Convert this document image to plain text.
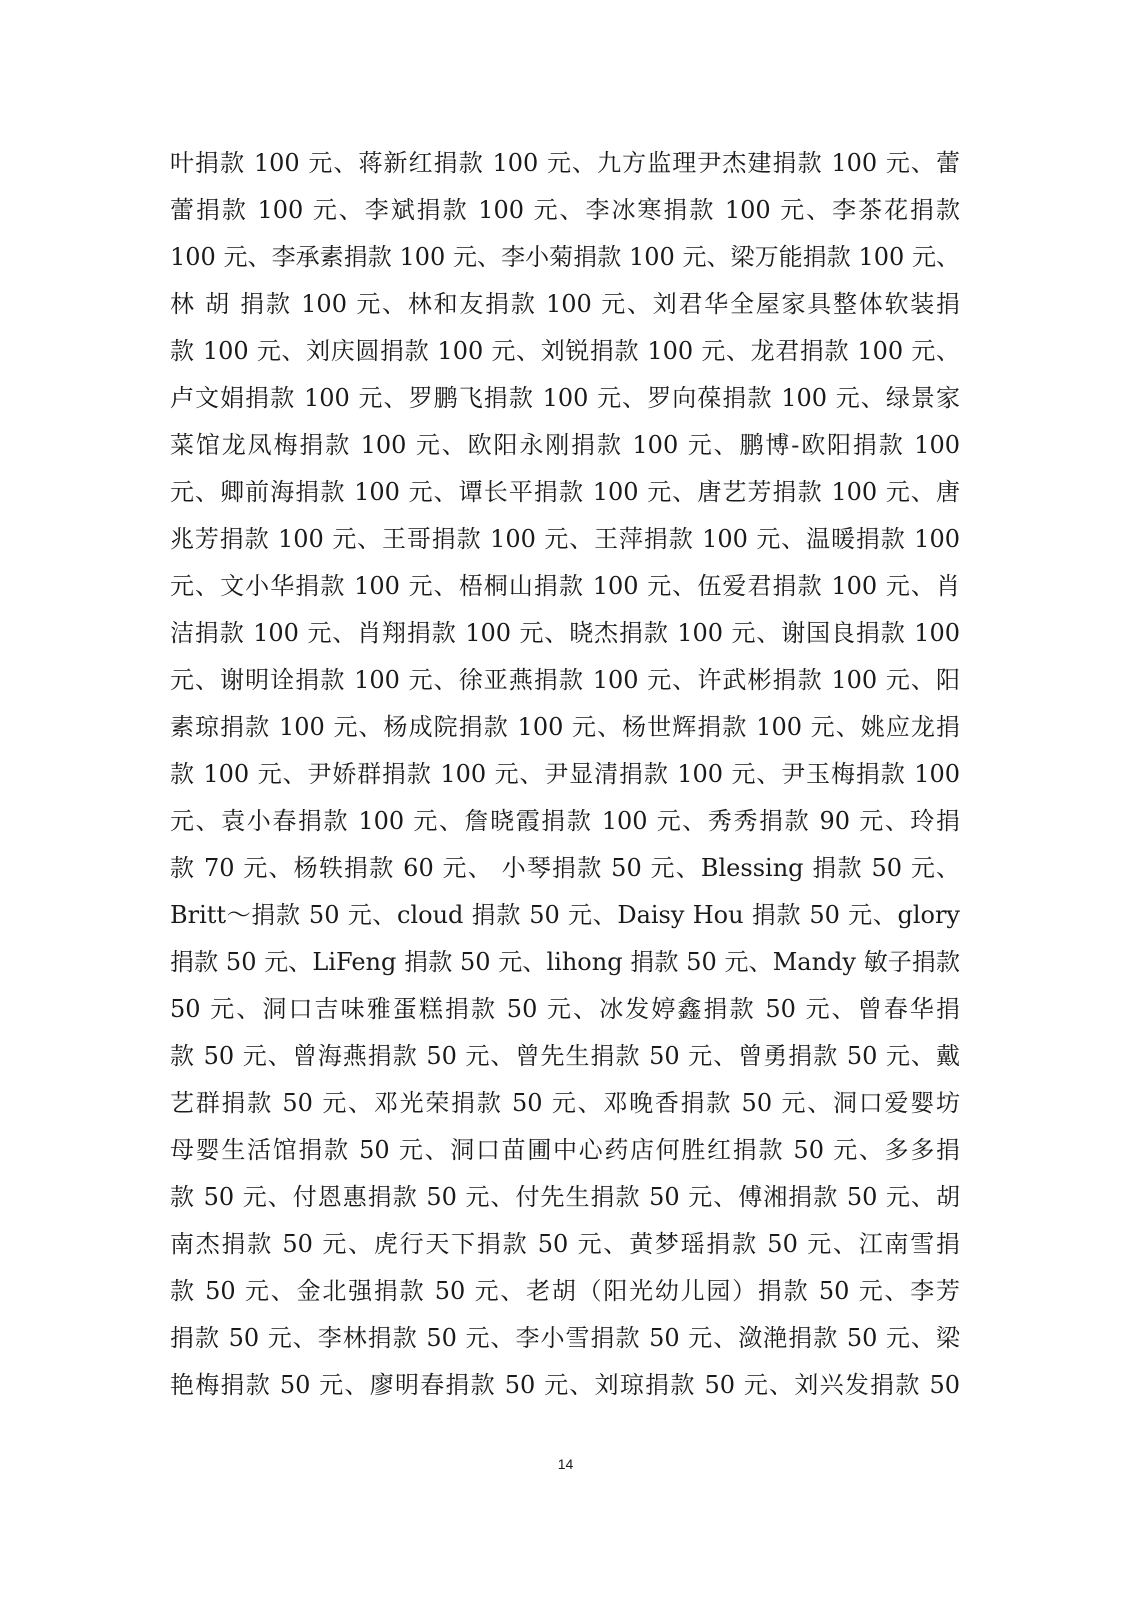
叶捐款 100 元、蒋新红捐款 100 元、九方监理尹杰建捐款 100 元、蕾
蕾捐款 100 元、李斌捐款 100 元、李冰寒捐款 100 元、李茶花捐款
100 元、李承素捐款 100 元、李小菊捐款 100 元、梁万能捐款 100 元、
林 胡 捐款 100 元、林和友捐款 100 元、刘君华全屋家具整体软装捐
款 100 元、刘庆圆捐款 100 元、刘锐捐款 100 元、龙君捐款 100 元、
卢文娟捐款 100 元、罗鹏飞捐款 100 元、罗向葆捐款 100 元、绿景家
菜馆龙凤梅捐款 100 元、欧阳永刚捐款 100 元、鹏博-欧阳捐款 100
元、卿前海捐款 100 元、谭长平捐款 100 元、唐艺芳捐款 100 元、唐
兆芳捐款 100 元、王哥捐款 100 元、王萍捐款 100 元、温暖捐款 100
元、文小华捐款 100 元、梧桐山捐款 100 元、伍爱君捐款 100 元、肖
洁捐款 100 元、肖翔捐款 100 元、晓杰捐款 100 元、谢国良捐款 100
元、谢明诠捐款 100 元、徐亚燕捐款 100 元、许武彬捐款 100 元、阳
素琼捐款 100 元、杨成院捐款 100 元、杨世辉捐款 100 元、姚应龙捐
款 100 元、尹娇群捐款 100 元、尹显清捐款 100 元、尹玉梅捐款 100
元、袁小春捐款 100 元、詹晓霞捐款 100 元、秀秀捐款 90 元、玲捐
款 70 元、杨轶捐款 60 元、 小琴捐款 50 元、Blessing 捐款 50 元、
Britt～捐款 50 元、cloud 捐款 50 元、Daisy Hou 捐款 50 元、glory
捐款 50 元、LiFeng 捐款 50 元、lihong 捐款 50 元、Mandy 敏子捐款
50 元、洞口吉味雅蛋糕捐款 50 元、冰发婷鑫捐款 50 元、曾春华捐
款 50 元、曾海燕捐款 50 元、曾先生捐款 50 元、曾勇捐款 50 元、戴
艺群捐款 50 元、邓光荣捐款 50 元、邓晚香捐款 50 元、洞口爱婴坊
母婴生活馆捐款 50 元、洞口苗圃中心药店何胜红捐款 50 元、多多捐
款 50 元、付恩惠捐款 50 元、付先生捐款 50 元、傅湘捐款 50 元、胡
南杰捐款 50 元、虎行天下捐款 50 元、黄梦瑶捐款 50 元、江南雪捐
款 50 元、金北强捐款 50 元、老胡（阳光幼儿园）捐款 50 元、李芳
捐款 50 元、李林捐款 50 元、李小雪捐款 50 元、潋滟捐款 50 元、梁
艳梅捐款 50 元、廖明春捐款 50 元、刘琼捐款 50 元、刘兴发捐款 50
14
